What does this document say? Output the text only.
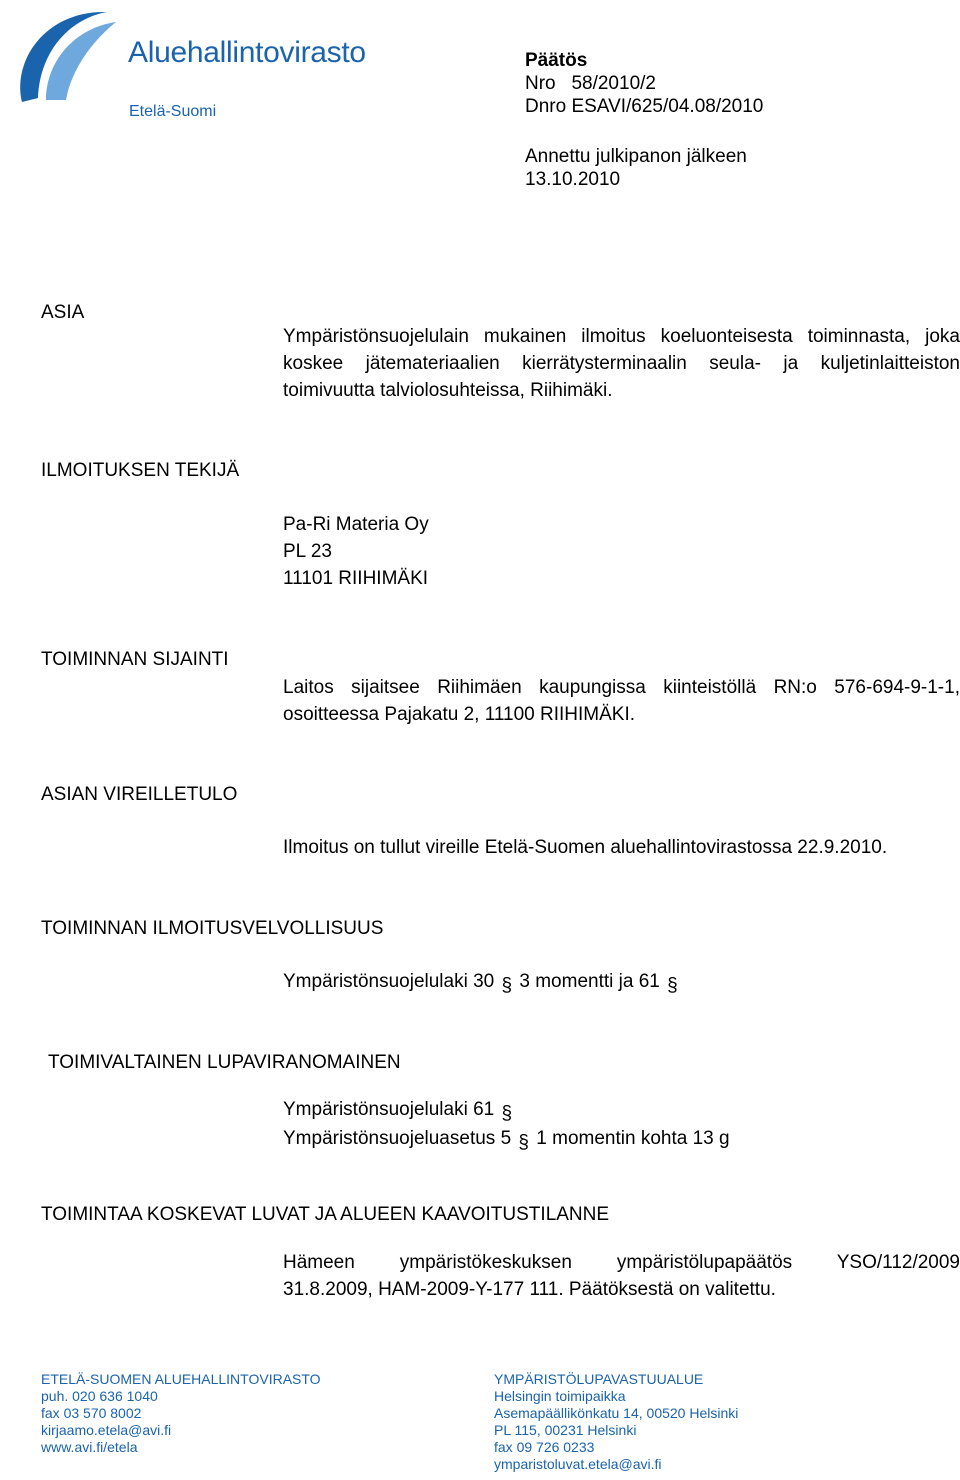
Aluehallintovirasto
Etelä-Suomi
Päätös
Nro   58/2010/2
Dnro ESAVI/625/04.08/2010
Annettu julkipanon jälkeen
13.10.2010
ASIA
Ympäristönsuojelulain mukainen ilmoitus koeluonteisesta toiminnasta, joka koskee jätemateriaalien kierrätysterminaalin seula- ja kuljetinlaitteiston toimivuutta talviolosuhteissa, Riihimäki.
ILMOITUKSEN TEKIJÄ
Pa-Ri Materia Oy
PL 23
11101 RIIHIMÄKI
TOIMINNAN SIJAINTI
Laitos sijaitsee Riihimäen kaupungissa kiinteistöllä RN:o 576-694-9-1-1, osoitteessa Pajakatu 2, 11100 RIIHIMÄKI.
ASIAN VIREILLETULO
Ilmoitus on tullut vireille Etelä-Suomen aluehallintovirastossa 22.9.2010.
TOIMINNAN ILMOITUSVELVOLLISUUS
Ympäristönsuojelulaki 30 § 3 momentti ja 61 §
TOIMIVALTAINEN LUPAVIRANOMAINEN
Ympäristönsuojelulaki 61 §
Ympäristönsuojeluasetus 5 § 1 momentin kohta 13 g
TOIMINTAA KOSKEVAT LUVAT JA ALUEEN KAAVOITUSTILANNE
Hämeen ympäristökeskuksen ympäristölupapäätös YSO/112/2009
31.8.2009, HAM-2009-Y-177 111. Päätöksestä on valitettu.
ETELÄ-SUOMEN ALUEHALLINTOVIRASTO
puh. 020 636 1040
fax 03 570 8002
kirjaamo.etela@avi.fi
www.avi.fi/etela
YMPÄRISTÖLUPAVASTUUALUE
Helsingin toimipaikka
Asemapäällikönkatu 14, 00520 Helsinki
PL 115, 00231 Helsinki
fax 09 726 0233
ymparistoluvat.etela@avi.fi
